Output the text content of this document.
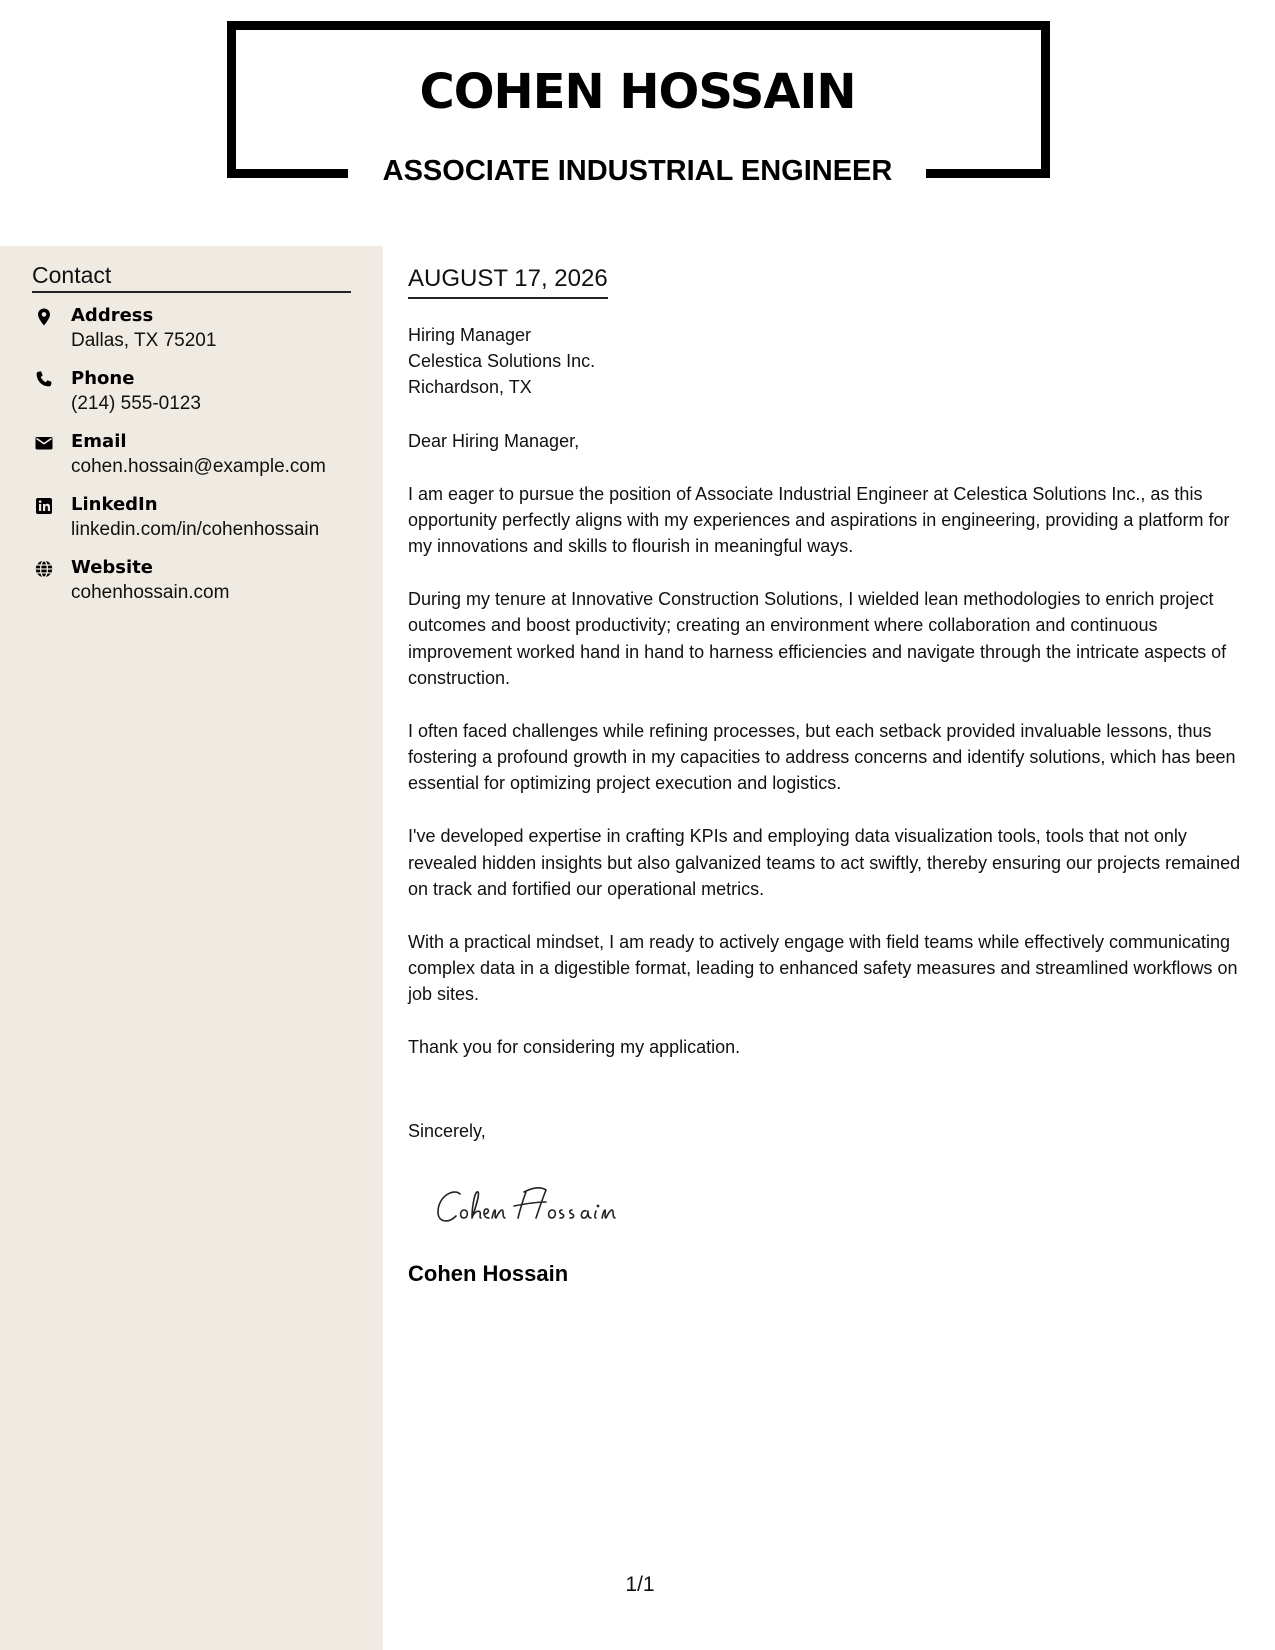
COHEN HOSSAIN
ASSOCIATE INDUSTRIAL ENGINEER
Contact
Address
Dallas, TX 75201
Phone
(214) 555-0123
Email
cohen.hossain@example.com
LinkedIn
linkedin.com/in/cohenhossain
Website
cohenhossain.com
AUGUST 17, 2026
Hiring Manager
Celestica Solutions Inc.
Richardson, TX

Dear Hiring Manager,

I am eager to pursue the position of Associate Industrial Engineer at Celestica Solutions Inc., as this opportunity perfectly aligns with my experiences and aspirations in engineering, providing a platform for my innovations and skills to flourish in meaningful ways.

During my tenure at Innovative Construction Solutions, I wielded lean methodologies to enrich project outcomes and boost productivity; creating an environment where collaboration and continuous improvement worked hand in hand to harness efficiencies and navigate through the intricate aspects of construction.

I often faced challenges while refining processes, but each setback provided invaluable lessons, thus fostering a profound growth in my capacities to address concerns and identify solutions, which has been essential for optimizing project execution and logistics.

I've developed expertise in crafting KPIs and employing data visualization tools, tools that not only revealed hidden insights but also galvanized teams to act swiftly, thereby ensuring our projects remained on track and fortified our operational metrics.

With a practical mindset, I am ready to actively engage with field teams while effectively communicating complex data in a digestible format, leading to enhanced safety measures and streamlined workflows on job sites.

Thank you for considering my application.

Sincerely,
Cohen Hossain
1/1
